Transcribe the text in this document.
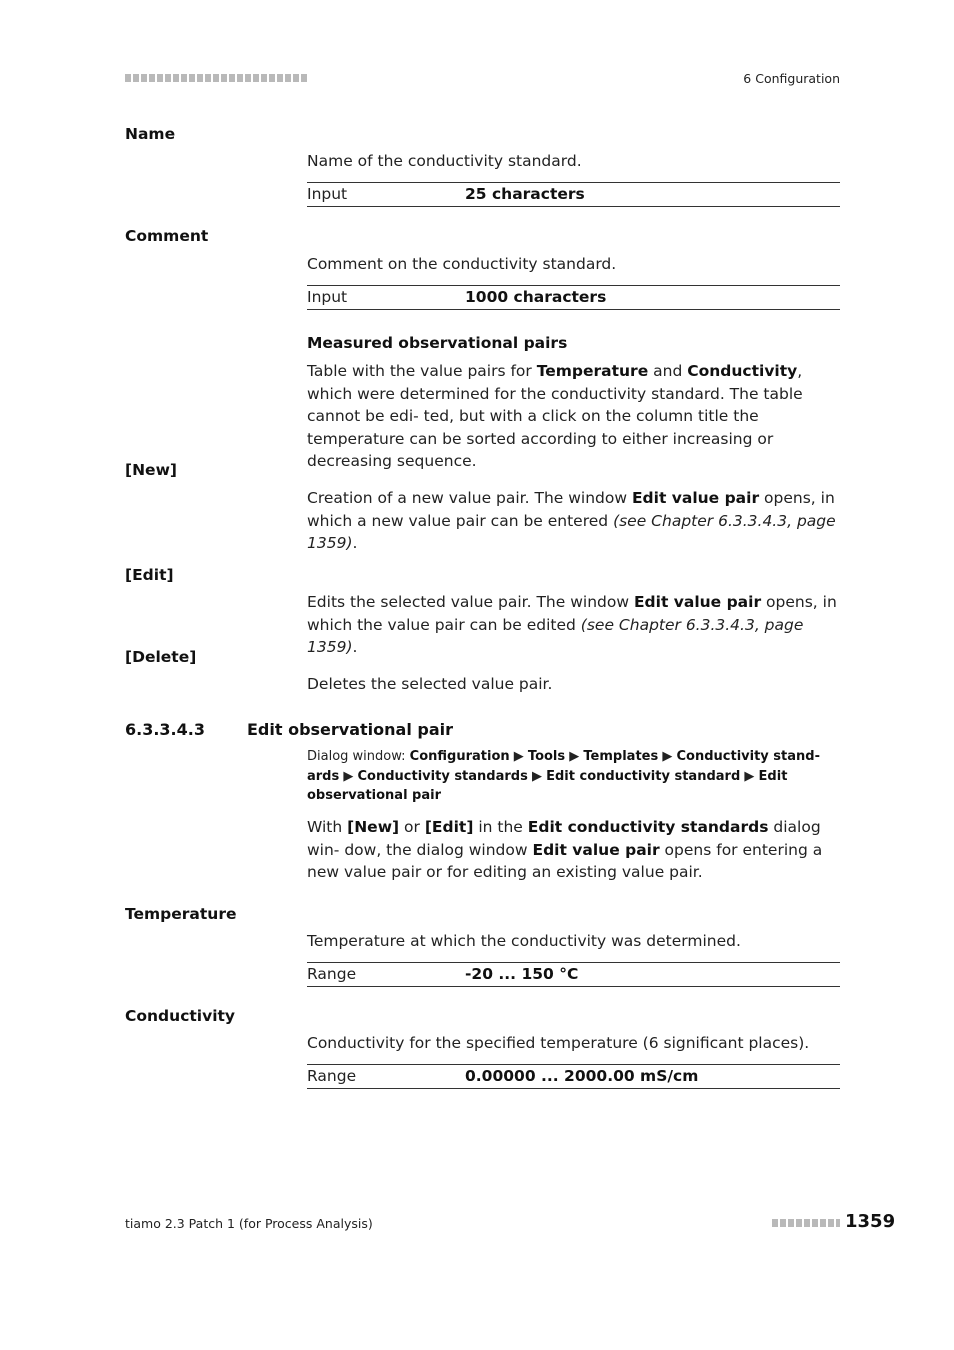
6 Configuration
Name
Name of the conductivity standard.
Input	25 characters
Comment
Comment on the conductivity standard.
Input	1000 characters
Measured observational pairs
Table with the value pairs for Temperature and Conductivity, which were determined for the conductivity standard. The table cannot be edi- ted, but with a click on the column title the temperature can be sorted according to either increasing or decreasing sequence.
[New]
Creation of a new value pair. The window Edit value pair opens, in which a new value pair can be entered (see Chapter 6.3.3.4.3, page 1359).
[Edit]
Edits the selected value pair. The window Edit value pair opens, in which the value pair can be edited (see Chapter 6.3.3.4.3, page 1359).
[Delete]
Deletes the selected value pair.
6.3.3.4.3	Edit observational pair
Dialog window: Configuration ▶ Tools ▶ Templates ▶ Conductivity stand- ards ▶ Conductivity standards ▶ Edit conductivity standard ▶ Edit observational pair
With [New] or [Edit] in the Edit conductivity standards dialog win- dow, the dialog window Edit value pair opens for entering a new value pair or for editing an existing value pair.
Temperature
Temperature at which the conductivity was determined.
Range	-20 ... 150 °C
Conductivity
Conductivity for the specified temperature (6 significant places).
Range	0.00000 ... 2000.00 mS/cm
tiamo 2.3 Patch 1 (for Process Analysis)	1359
